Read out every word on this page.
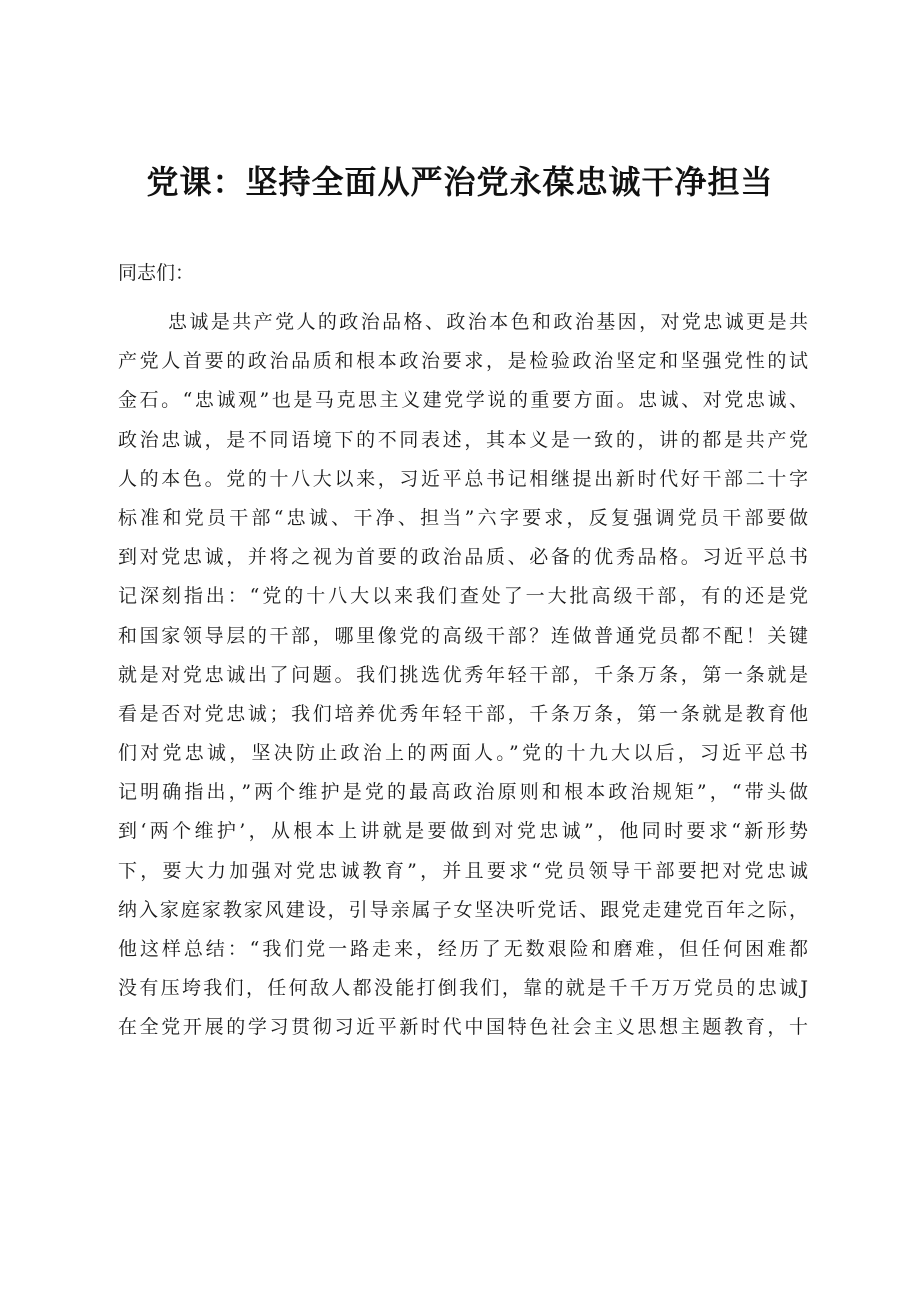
党课：坚持全面从严治党永葆忠诚干净担当
同志们：
忠诚是共产党人的政治品格、政治本色和政治基因，对党忠诚更是共
产党人首要的政治品质和根本政治要求，是检验政治坚定和坚强党性的试
金石。“忠诚观”也是马克思主义建党学说的重要方面。忠诚、对党忠诚、
政治忠诚，是不同语境下的不同表述，其本义是一致的，讲的都是共产党
人的本色。党的十八大以来，习近平总书记相继提出新时代好干部二十字
标准和党员干部“忠诚、干净、担当”六字要求，反复强调党员干部要做
到对党忠诚，并将之视为首要的政治品质、必备的优秀品格。习近平总书
记深刻指出：“党的十八大以来我们查处了一大批高级干部，有的还是党
和国家领导层的干部，哪里像党的高级干部？连做普通党员都不配！关键
就是对党忠诚出了问题。我们挑选优秀年轻干部，千条万条，第一条就是
看是否对党忠诚；我们培养优秀年轻干部，千条万条，第一条就是教育他
们对党忠诚，坚决防止政治上的两面人。”党的十九大以后，习近平总书
记明确指出，”两个维护是党的最高政治原则和根本政治规矩”，“带头做
到‘两个维护’，从根本上讲就是要做到对党忠诚”，他同时要求“新形势
下，要大力加强对党忠诚教育”，并且要求“党员领导干部要把对党忠诚
纳入家庭家教家风建设，引导亲属子女坚决听党话、跟党走建党百年之际，
他这样总结：“我们党一路走来，经历了无数艰险和磨难，但任何困难都
没有压垮我们，任何敌人都没能打倒我们，靠的就是千千万万党员的忠诚J
在全党开展的学习贯彻习近平新时代中国特色社会主义思想主题教育，十
